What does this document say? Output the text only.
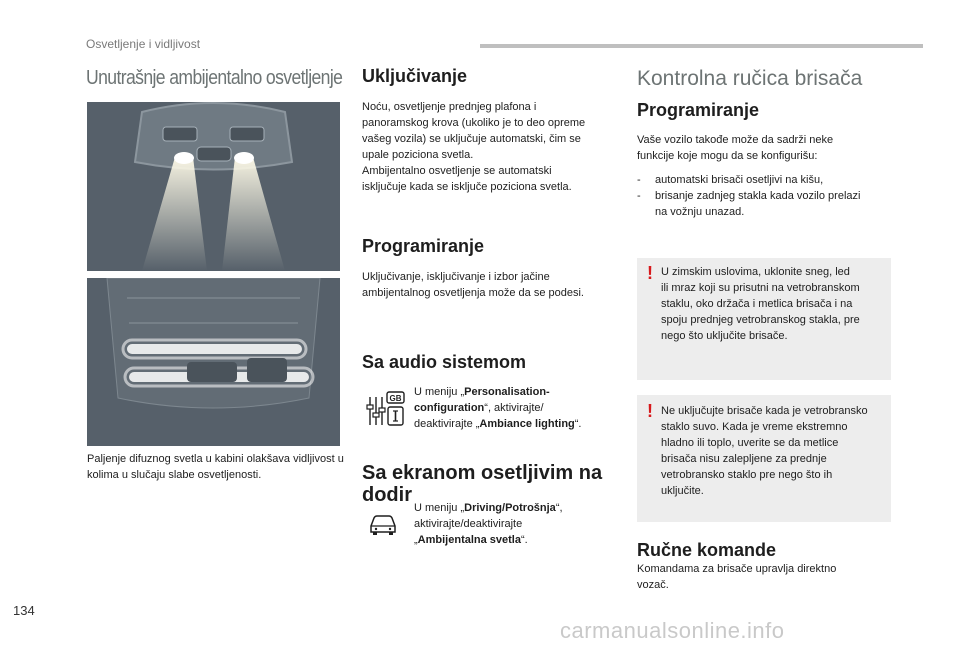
Osvetljenje i vidljivost
Unutrašnje ambijentalno osvetljenje
Paljenje difuznog svetla u kabini olakšava vidljivost u kolima u slučaju slabe osvetljenosti.
Uključivanje
Noću, osvetljenje prednjeg plafona i
panoramskog krova (ukoliko je to deo opreme
vašeg vozila) se uključuje automatski, čim se
upale poziciona svetla.
Ambijentalno osvetljenje se automatski
isključuje kada se isključe poziciona svetla.
Programiranje
Uključivanje, isključivanje i izbor jačine
ambijentalnog osvetljenja može da se podesi.
Sa audio sistemom
GB
U meniju „Personalisation-
configuration“, aktivirajte/
deaktivirajte „Ambiance lighting“.
Sa ekranom osetljivim na
dodir
U meniju „Driving/Potrošnja“,
aktivirajte/deaktivirajte
„Ambijentalna svetla“.
Kontrolna ručica brisača
Programiranje
Vaše vozilo takođe može da sadrži neke
funkcije koje mogu da se konfigurišu:
- automatski brisači osetljivi na kišu,
- brisanje zadnjeg stakla kada vozilo prelazi
na vožnju unazad.
! U zimskim uslovima, uklonite sneg, led
ili mraz koji su prisutni na vetrobranskom
staklu, oko držača i metlica brisača i na
spoju prednjeg vetrobranskog stakla, pre
nego što uključite brisače.
! Ne uključujte brisače kada je vetrobransko
staklo suvo. Kada je vreme ekstremno
hladno ili toplo, uverite se da metlice
brisača nisu zalepljene za prednje
vetrobransko staklo pre nego što ih
uključite.
Ručne komande
Komandama za brisače upravlja direktno
vozač.
134
carmanualsonline.info
